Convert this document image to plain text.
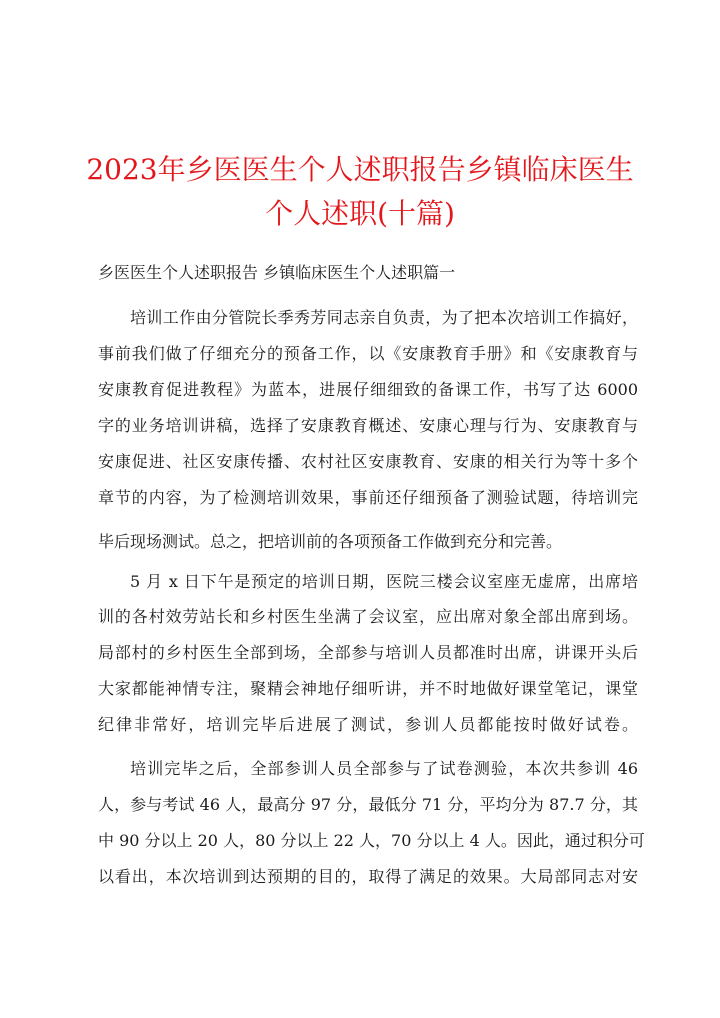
2023年乡医医生个人述职报告乡镇临床医生
个人述职(十篇)
乡医医生个人述职报告 乡镇临床医生个人述职篇一
培训工作由分管院长季秀芳同志亲自负责，为了把本次培训工作搞好，
事前我们做了仔细充分的预备工作，以《安康教育手册》和《安康教育与
安康教育促进教程》为蓝本，进展仔细细致的备课工作，书写了达 6000
字的业务培训讲稿，选择了安康教育概述、安康心理与行为、安康教育与
安康促进、社区安康传播、农村社区安康教育、安康的相关行为等十多个
章节的内容，为了检测培训效果，事前还仔细预备了测验试题，待培训完
毕后现场测试。总之，把培训前的各项预备工作做到充分和完善。
5 月 x 日下午是预定的培训日期，医院三楼会议室座无虚席，出席培
训的各村效劳站长和乡村医生坐满了会议室，应出席对象全部出席到场。
局部村的乡村医生全部到场，全部参与培训人员都准时出席，讲课开头后
大家都能神情专注，聚精会神地仔细听讲，并不时地做好课堂笔记，课堂
纪律非常好，培训完毕后进展了测试，参训人员都能按时做好试卷。
培训完毕之后，全部参训人员全部参与了试卷测验，本次共参训 46
人，参与考试 46 人，最高分 97 分，最低分 71 分，平均分为 87.7 分，其
中 90 分以上 20 人，80 分以上 22 人，70 分以上 4 人。因此，通过积分可
以看出，本次培训到达预期的目的，取得了满足的效果。大局部同志对安
